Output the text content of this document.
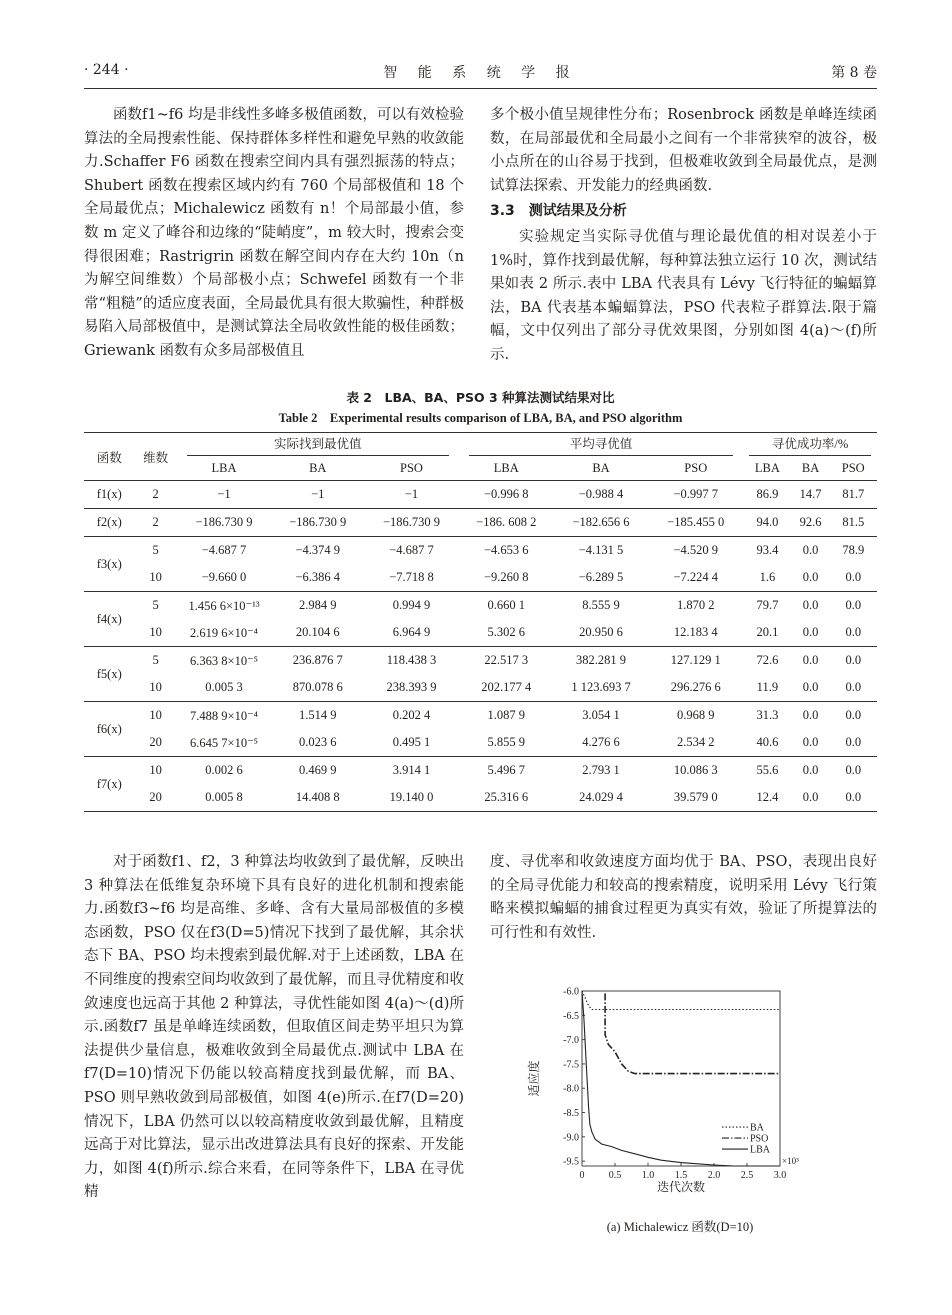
· 244 ·	智 能 系 统 学 报	第 8 卷

函数f1~f6 均是非线性多峰多极值函数，可以有效检验算法的全局搜索性能、保持群体多样性和避免早熟的收敛能力.Schaffer F6 函数在搜索空间内具有强烈振荡的特点；Shubert 函数在搜索区域内约有 760 个局部极值和 18 个全局最优点；Michalewicz 函数有 n！个局部最小值，参数 m 定义了峰谷和边缘的“陡峭度”，m 较大时，搜索会变得很困难；Rastrigrin 函数在解空间内存在大约 10n（n 为解空间维数）个局部极小点；Schwefel 函数有一个非常“粗糙”的适应度表面，全局最优具有很大欺骗性，种群极易陷入局部极值中，是测试算法全局收敛性能的极佳函数；Griewank 函数有众多局部极值且

多个极小值呈规律性分布；Rosenbrock 函数是单峰连续函数，在局部最优和全局最小之间有一个非常狭窄的波谷，极小点所在的山谷易于找到，但极难收敛到全局最优点，是测试算法探索、开发能力的经典函数.

3.3　测试结果及分析

实验规定当实际寻优值与理论最优值的相对误差小于 1%时，算作找到最优解，每种算法独立运行 10 次，测试结果如表 2 所示.表中 LBA 代表具有 Lévy 飞行特征的蝙蝠算法，BA 代表基本蝙蝠算法，PSO 代表粒子群算法.限于篇幅，文中仅列出了部分寻优效果图，分别如图 4(a)～(f)所示.

表 2　LBA、BA、PSO 3 种算法测试结果对比
Table 2　Experimental results comparison of LBA, BA, and PSO algorithm
函数	维数	实际找到最优值			平均寻优值			寻优成功率/%		

		LBA	BA	PSO	LBA	BA	PSO	LBA	BA	PSO
f1(x)	2	−1	−1	−1	−0.996 8	−0.988 4	−0.997 7	86.9	14.7	81.7
f2(x)	2	−186.730 9	−186.730 9	−186.730 9	−186. 608 2	−182.656 6	−185.455 0	94.0	92.6	81.5
f3(x)	5	−4.687 7	−4.374 9	−4.687 7	−4.653 6	−4.131 5	−4.520 9	93.4	0.0	78.9
	10	−9.660 0	−6.386 4	−7.718 8	−9.260 8	−6.289 5	−7.224 4	1.6	0.0	0.0
f4(x)	5	1.456 6×10⁻¹³	2.984 9	0.994 9	0.660 1	8.555 9	1.870 2	79.7	0.0	0.0
	10	2.619 6×10⁻⁴	20.104 6	6.964 9	5.302 6	20.950 6	12.183 4	20.1	0.0	0.0
f5(x)	5	6.363 8×10⁻⁵	236.876 7	118.438 3	22.517 3	382.281 9	127.129 1	72.6	0.0	0.0
	10	0.005 3	870.078 6	238.393 9	202.177 4	1 123.693 7	296.276 6	11.9	0.0	0.0
f6(x)	10	7.488 9×10⁻⁴	1.514 9	0.202 4	1.087 9	3.054 1	0.968 9	31.3	0.0	0.0
	20	6.645 7×10⁻⁵	0.023 6	0.495 1	5.855 9	4.276 6	2.534 2	40.6	0.0	0.0
f7(x)	10	0.002 6	0.469 9	3.914 1	5.496 7	2.793 1	10.086 3	55.6	0.0	0.0
	20	0.005 8	14.408 8	19.140 0	25.316 6	24.029 4	39.579 0	12.4	0.0	0.0

对于函数f1、f2，3 种算法均收敛到了最优解，反映出 3 种算法在低维复杂环境下具有良好的进化机制和搜索能力.函数f3~f6 均是高维、多峰、含有大量局部极值的多模态函数，PSO 仅在f3(D=5)情况下找到了最优解，其余状态下 BA、PSO 均未搜索到最优解.对于上述函数，LBA 在不同维度的搜索空间均收敛到了最优解，而且寻优精度和收敛速度也远高于其他 2 种算法，寻优性能如图 4(a)～(d)所示.函数f7 虽是单峰连续函数，但取值区间走势平坦只为算法提供少量信息，极难收敛到全局最优点.测试中 LBA 在f7(D=10)情况下仍能以较高精度找到最优解，而 BA、PSO 则早熟收敛到局部极值，如图 4(e)所示.在f7(D=20)情况下，LBA 仍然可以以较高精度收敛到最优解，且精度远高于对比算法，显示出改进算法具有良好的探索、开发能力，如图 4(f)所示.综合来看，在同等条件下，LBA 在寻优精

度、寻优率和收敛速度方面均优于 BA、PSO，表现出良好的全局寻优能力和较高的搜索精度，说明采用 Lévy 飞行策略来模拟蝙蝠的捕食过程更为真实有效，验证了所提算法的可行性和有效性.

0 0.5 1.0 1.5 2.0 2.5 3.0
-6.0
-6.5
-7.0
-7.5
-8.0
-8.5
-9.0
-9.5	×10³
迭代次数
适应度
BA
PSO
LBA
(a) Michalewicz 函数(D=10)
